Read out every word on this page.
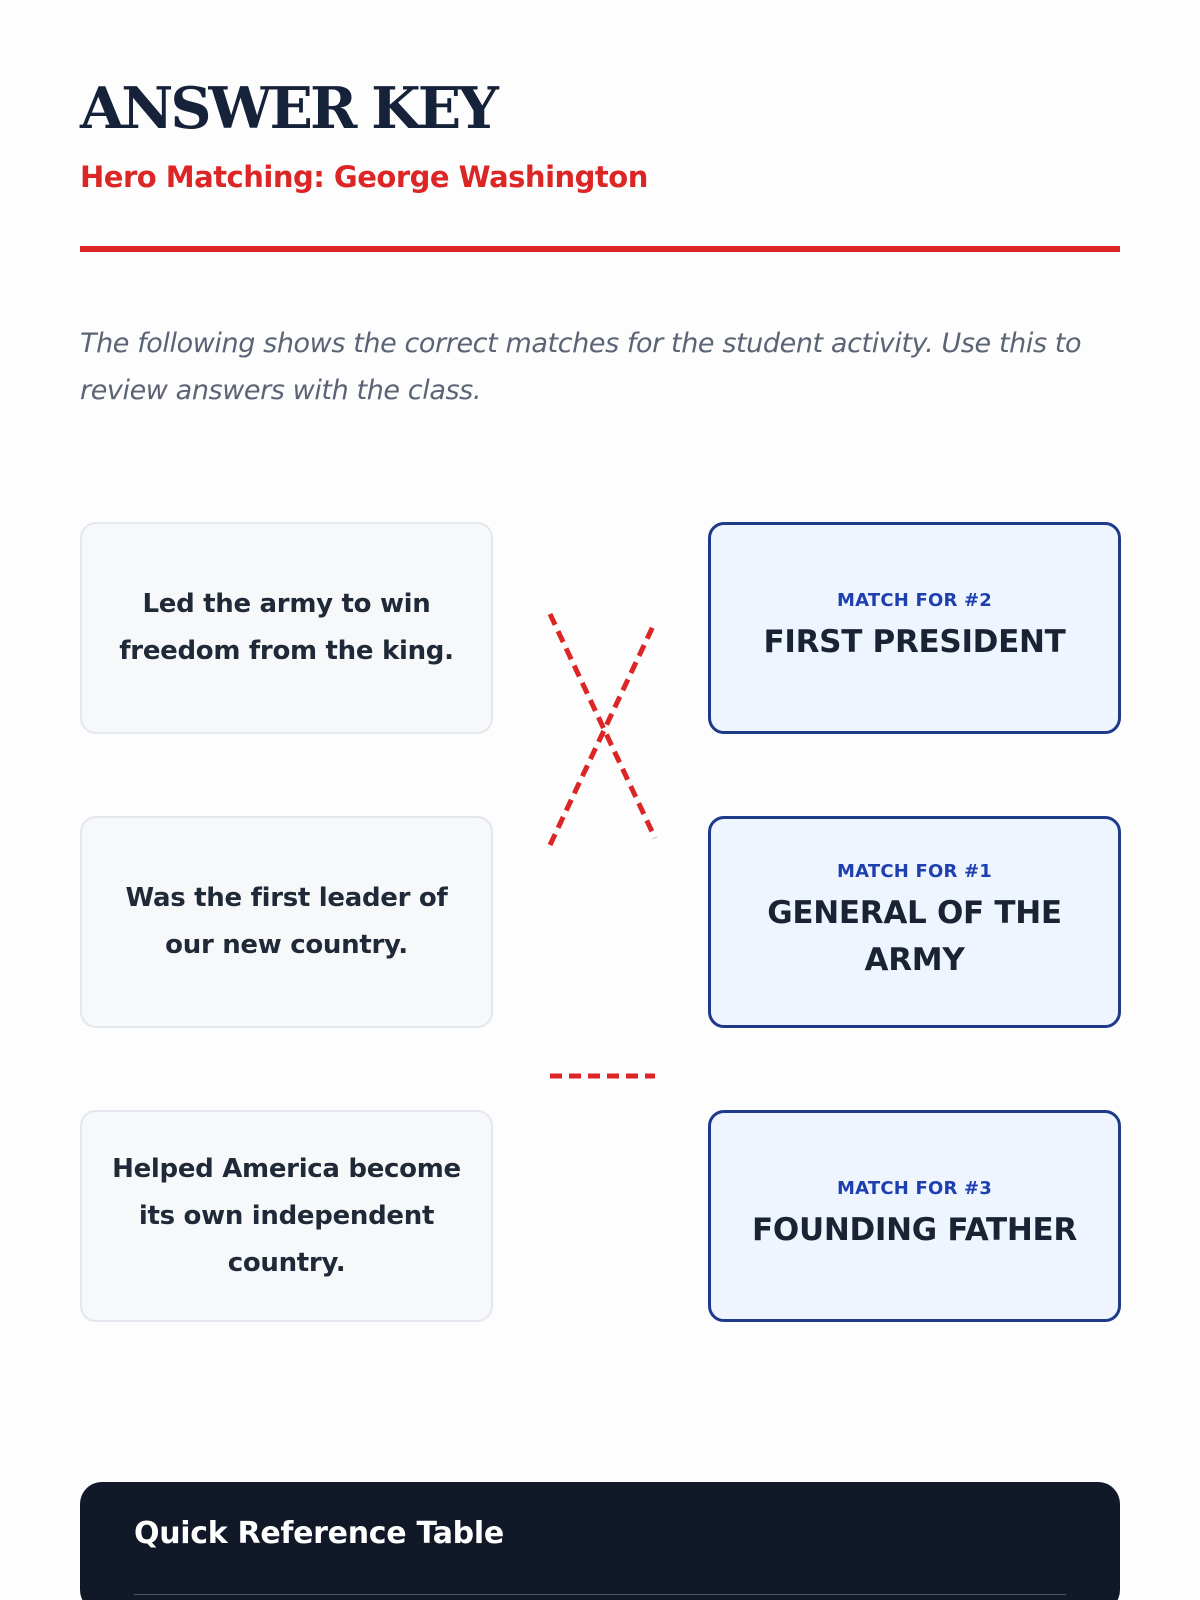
ANSWER KEY
Hero Matching: George Washington

The following shows the correct matches for the student activity. Use this to review answers with the class.

Led the army to win freedom from the king.
Was the first leader of our new country.
Helped America become its own independent country.
MATCH FOR #2
FIRST PRESIDENT
MATCH FOR #1
GENERAL OF THE ARMY
MATCH FOR #3
FOUNDING FATHER
Quick Reference Table
